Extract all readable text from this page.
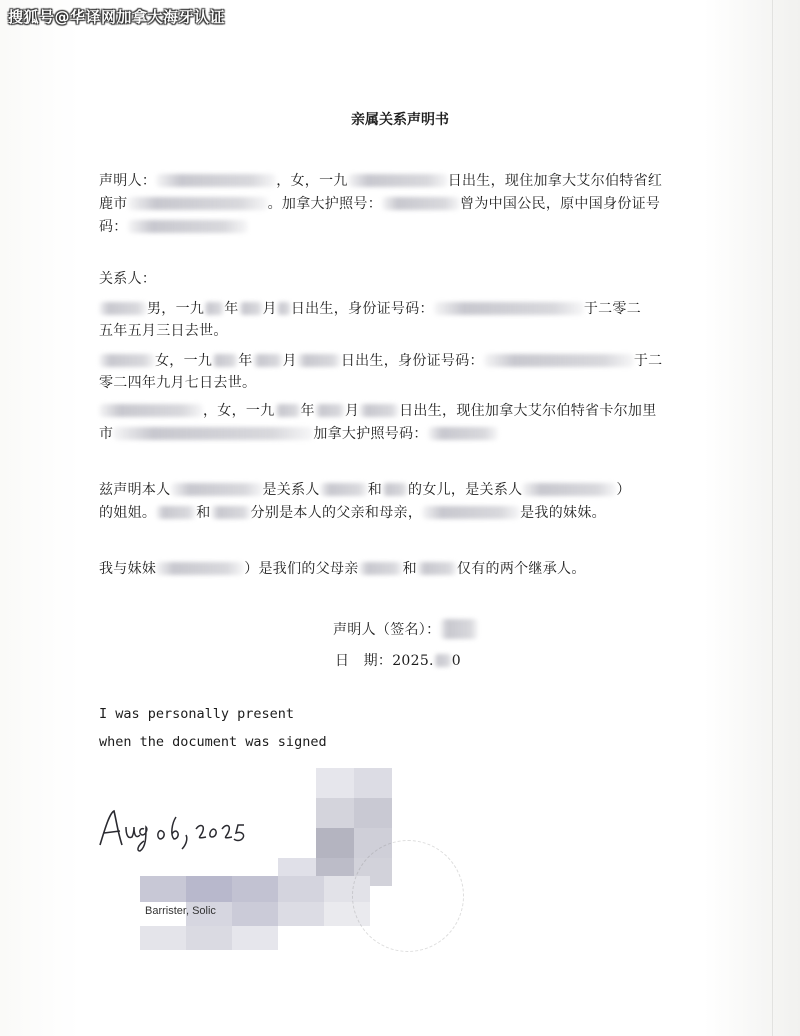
搜狐号@华译网加拿大海牙认证
亲属关系声明书
声明人：	，女，一九	日出生，现住加拿大艾尔伯特省红
鹿市	。加拿大护照号：	曾为中国公民，原中国身份证号
码：
关系人：
男，一九 年 月 日出生，身份证号码：	于二零二
五年五月三日去世。
女，一九 年 月	日出生，身份证号码：	于二
零二四年九月七日去世。
，女，一九 年 月	日出生，现住加拿大艾尔伯特省卡尔加里
市	加拿大护照号码：
兹声明本人	是关系人	和 的女儿，是关系人	）
的姐姐。	和	分别是本人的父亲和母亲，	是我的妹妹。
我与妹妹	）是我们的父母亲	和	仅有的两个继承人。
声明人（签名）：
日　期：2025. 0
I was personally present
when the document was signed
Barrister, Solic
